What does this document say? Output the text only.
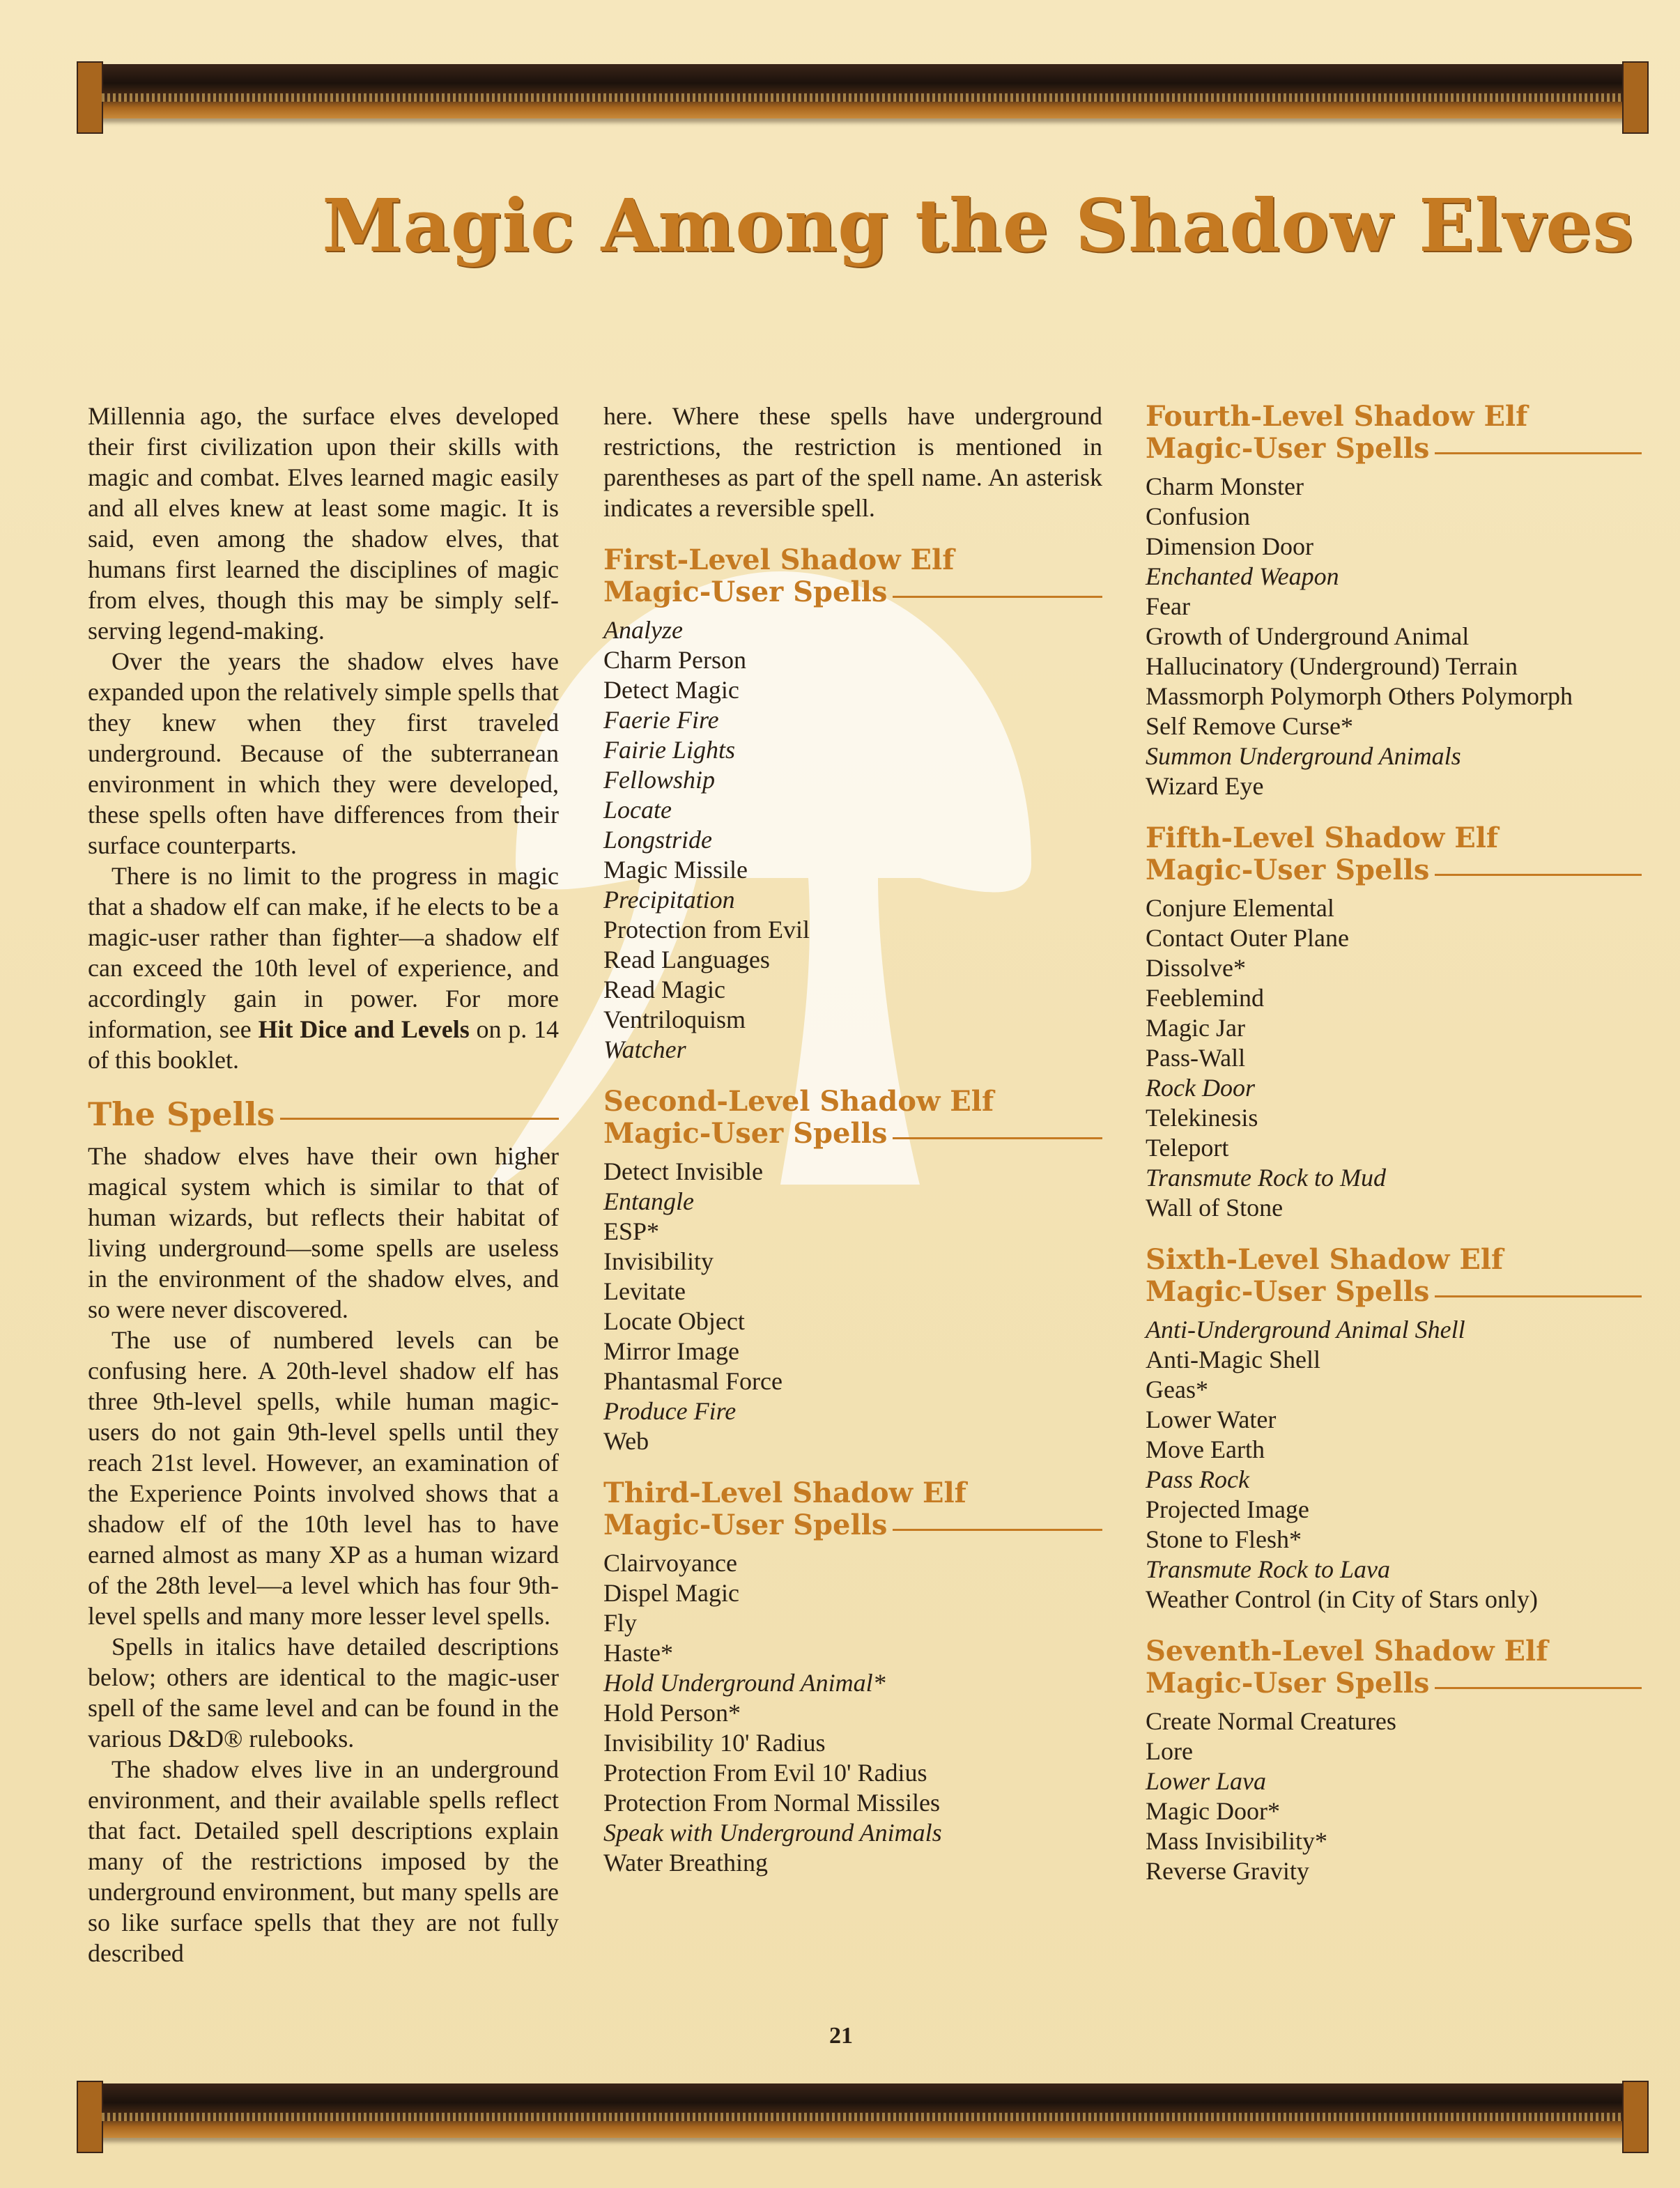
Magic Among the Shadow Elves

Millennia ago, the surface elves developed their first civilization upon their skills with magic and combat. Elves learned magic easily and all elves knew at least some magic. It is said, even among the shadow elves, that humans first learned the disciplines of magic from elves, though this may be simply self-serving legend-making.

Over the years the shadow elves have expanded upon the relatively simple spells that they knew when they first traveled underground. Because of the subterranean environment in which they were developed, these spells often have differences from their surface counterparts.

There is no limit to the progress in magic that a shadow elf can make, if he elects to be a magic-user rather than fighter—a shadow elf can exceed the 10th level of experience, and accordingly gain in power. For more information, see Hit Dice and Levels on p. 14 of this booklet.

The Spells

The shadow elves have their own higher magical system which is similar to that of human wizards, but reflects their habitat of living underground—some spells are useless in the environment of the shadow elves, and so were never discovered.

The use of numbered levels can be confusing here. A 20th-level shadow elf has three 9th-level spells, while human magic-users do not gain 9th-level spells until they reach 21st level. However, an examination of the Experience Points involved shows that a shadow elf of the 10th level has to have earned almost as many XP as a human wizard of the 28th level—a level which has four 9th-level spells and many more lesser level spells.

Spells in italics have detailed descriptions below; others are identical to the magic-user spell of the same level and can be found in the various D&D® rulebooks.

The shadow elves live in an underground environment, and their available spells reflect that fact. Detailed spell descriptions explain many of the restrictions imposed by the underground environment, but many spells are so like surface spells that they are not fully described

here. Where these spells have underground restrictions, the restriction is mentioned in parentheses as part of the spell name. An asterisk indicates a reversible spell.

First-Level Shadow Elf
Magic-User Spells
Analyze
Charm Person
Detect Magic
Faerie Fire
Fairie Lights
Fellowship
Locate
Longstride
Magic Missile
Precipitation
Protection from Evil
Read Languages
Read Magic
Ventriloquism
Watcher
Second-Level Shadow Elf
Magic-User Spells
Detect Invisible
Entangle
ESP*
Invisibility
Levitate
Locate Object
Mirror Image
Phantasmal Force
Produce Fire
Web
Third-Level Shadow Elf
Magic-User Spells
Clairvoyance
Dispel Magic
Fly
Haste*
Hold Underground Animal*
Hold Person*
Invisibility 10' Radius
Protection From Evil 10' Radius
Protection From Normal Missiles
Speak with Underground Animals
Water Breathing
Fourth-Level Shadow Elf
Magic-User Spells
Charm Monster
Confusion
Dimension Door
Enchanted Weapon
Fear
Growth of Underground Animal
Hallucinatory (Underground) Terrain
Massmorph Polymorph Others Polymorph
Self Remove Curse*
Summon Underground Animals
Wizard Eye
Fifth-Level Shadow Elf
Magic-User Spells
Conjure Elemental
Contact Outer Plane
Dissolve*
Feeblemind
Magic Jar
Pass-Wall
Rock Door
Telekinesis
Teleport
Transmute Rock to Mud
Wall of Stone
Sixth-Level Shadow Elf
Magic-User Spells
Anti-Underground Animal Shell
Anti-Magic Shell
Geas*
Lower Water
Move Earth
Pass Rock
Projected Image
Stone to Flesh*
Transmute Rock to Lava
Weather Control (in City of Stars only)
Seventh-Level Shadow Elf
Magic-User Spells
Create Normal Creatures
Lore
Lower Lava
Magic Door*
Mass Invisibility*
Reverse Gravity
21
